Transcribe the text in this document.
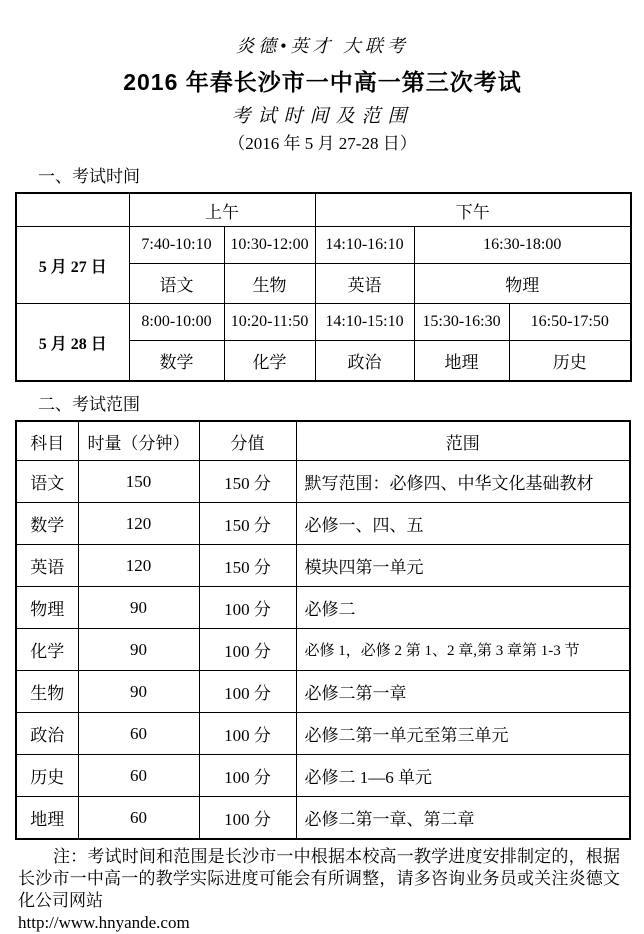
炎德•英才 大联考
2016 年春长沙市一中高一第三次考试
考试时间及范围
（2016 年 5 月 27-28 日）
一、考试时间
	上午		下午		
5 月 27 日	7:40-10:10	10:30-12:00	14:10-16:10	16:30-18:00	
	语文	生物	英语	物理	
5 月 28 日	8:00-10:00	10:20-11:50	14:10-15:10	15:30-16:30	16:50-17:50
	数学	化学	政治	地理	历史
二、考试范围
科目	时量（分钟）	分值	范围
语文	150	150 分	默写范围：必修四、中华文化基础教材
数学	120	150 分	必修一、四、五
英语	120	150 分	模块四第一单元
物理	90	100 分	必修二
化学	90	100 分	必修 1，必修 2 第 1、2 章,第 3 章第 1-3 节
生物	90	100 分	必修二第一章
政治	60	100 分	必修二第一单元至第三单元
历史	60	100 分	必修二 1—6 单元
地理	60	100 分	必修二第一章、第二章
注：考试时间和范围是长沙市一中根据本校高一教学进度安排制定的，根据长沙市一中高一的教学实际进度可能会有所调整，请多咨询业务员或关注炎德文化公司网站
http://www.hnyande.com
